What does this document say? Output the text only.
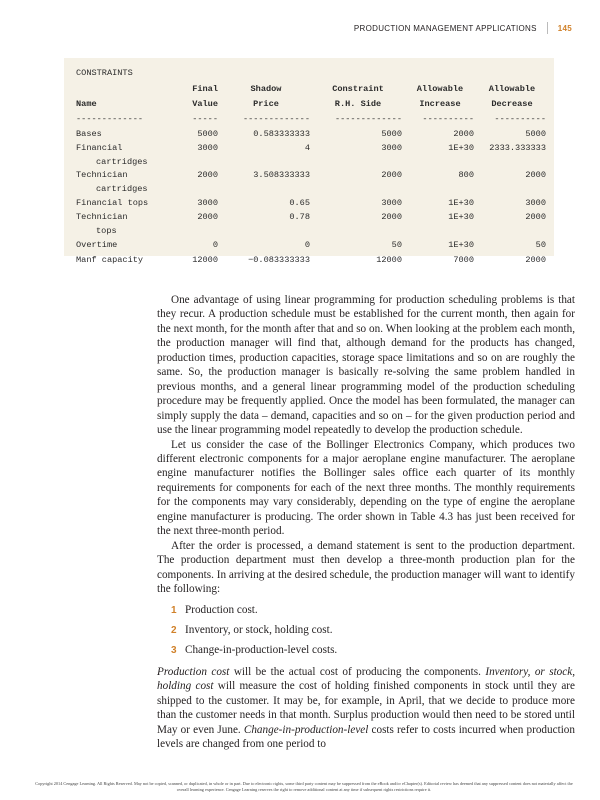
PRODUCTION MANAGEMENT APPLICATIONS	145
CONSTRAINTS
	Final	Shadow	Constraint	Allowable	Allowable
Name	Value	Price	R.H. Side	Increase	Decrease
-------------	-----	-------------	-------------	----------	----------
Bases	5000	0.583333333	5000	2000	5000
Financial
cartridges	3000	4	3000	1E+30	2333.333333
Technician
cartridges	2000	3.508333333	2000	800	2000
Financial tops	3000	0.65	3000	1E+30	3000
Technician
tops	2000	0.78	2000	1E+30	2000
Overtime	0	0	50	1E+30	50
Manf capacity	12000	−0.083333333	12000	7000	2000

One advantage of using linear programming for production scheduling problems is that they recur. A production schedule must be established for the current month, then again for the next month, for the month after that and so on. When looking at the problem each month, the production manager will find that, although demand for the products has changed, production times, production capacities, storage space limitations and so on are roughly the same. So, the production manager is basically re-solving the same problem handled in previous months, and a general linear programming model of the production scheduling procedure may be frequently applied. Once the model has been formulated, the manager can simply supply the data – demand, capacities and so on – for the given production period and use the linear programming model repeatedly to develop the production schedule.

Let us consider the case of the Bollinger Electronics Company, which produces two different electronic components for a major aeroplane engine manufacturer. The aeroplane engine manufacturer notifies the Bollinger sales office each quarter of its monthly requirements for components for each of the next three months. The monthly requirements for the components may vary considerably, depending on the type of engine the aeroplane engine manufacturer is producing. The order shown in Table 4.3 has just been received for the next three-month period.

After the order is processed, a demand statement is sent to the production department. The production department must then develop a three-month production plan for the components. In arriving at the desired schedule, the production manager will want to identify the following:

1 Production cost.
2 Inventory, or stock, holding cost.
3 Change-in-production-level costs.

Production cost will be the actual cost of producing the components. Inventory, or stock, holding cost will measure the cost of holding finished components in stock until they are shipped to the customer. It may be, for example, in April, that we decide to produce more than the customer needs in that month. Surplus production would then need to be stored until May or even June. Change-in-production-level costs refer to costs incurred when production levels are changed from one period to

Copyright 2014 Cengage Learning. All Rights Reserved. May not be copied, scanned, or duplicated, in whole or in part. Due to electronic rights, some third party content may be suppressed from the eBook and/or eChapter(s). Editorial review has deemed that any suppressed content does not materially affect the overall learning experience. Cengage Learning reserves the right to remove additional content at any time if subsequent rights restrictions require it.
